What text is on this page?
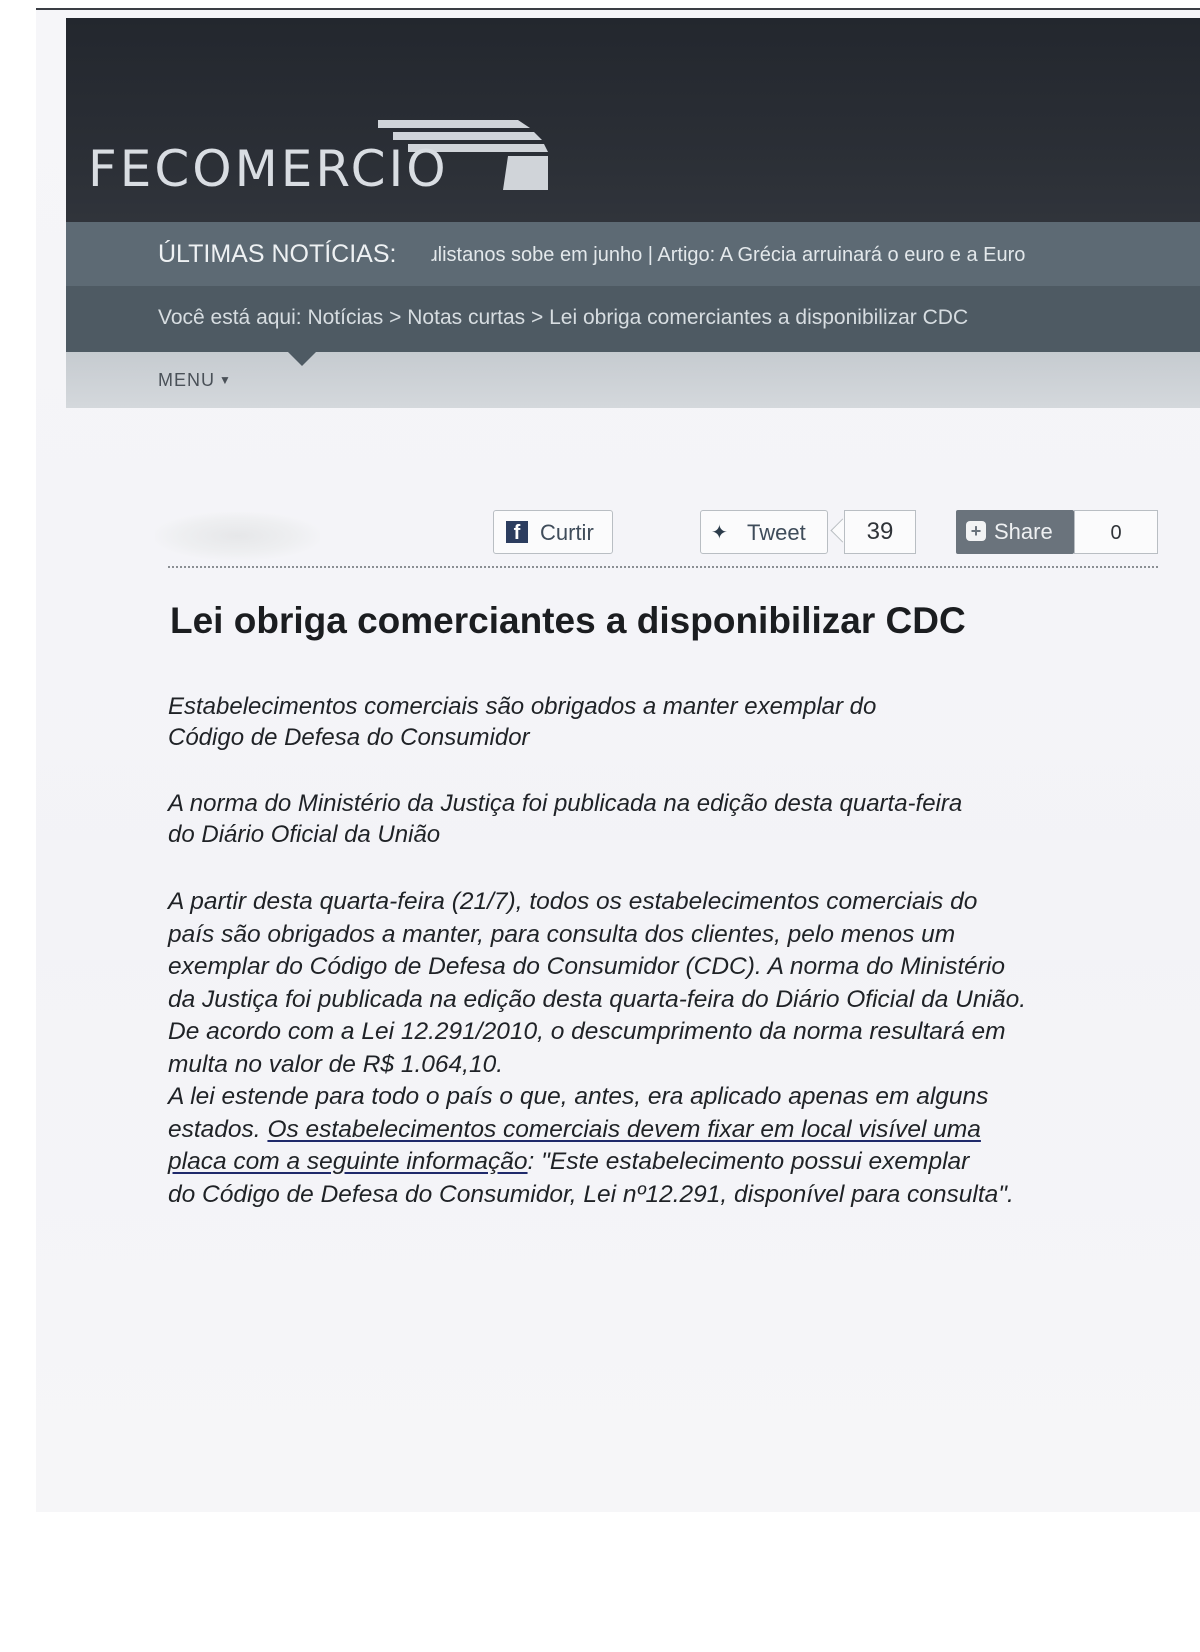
FECOMERCIO
ÚLTIMAS NOTÍCIAS: ɹlistanos sobe em junho | Artigo: A Grécia arruinará o euro e a Euro
Você está aqui: Notícias > Notas curtas > Lei obriga comerciantes a disponibilizar CDC
MENU ▼
f Curtir	✦ Tweet	39	+ Share	0
Lei obriga comerciantes a disponibilizar CDC

Estabelecimentos comerciais são obrigados a manter exemplar do
Código de Defesa do Consumidor

A norma do Ministério da Justiça foi publicada na edição desta quarta-feira
do Diário Oficial da União

A partir desta quarta-feira (21/7), todos os estabelecimentos comerciais do
país são obrigados a manter, para consulta dos clientes, pelo menos um
exemplar do Código de Defesa do Consumidor (CDC). A norma do Ministério
da Justiça foi publicada na edição desta quarta-feira do Diário Oficial da União.
De acordo com a Lei 12.291/2010, o descumprimento da norma resultará em
multa no valor de R$ 1.064,10.
A lei estende para todo o país o que, antes, era aplicado apenas em alguns
estados. Os estabelecimentos comerciais devem fixar em local visível uma
placa com a seguinte informação: "Este estabelecimento possui exemplar
do Código de Defesa do Consumidor, Lei nº12.291, disponível para consulta".
